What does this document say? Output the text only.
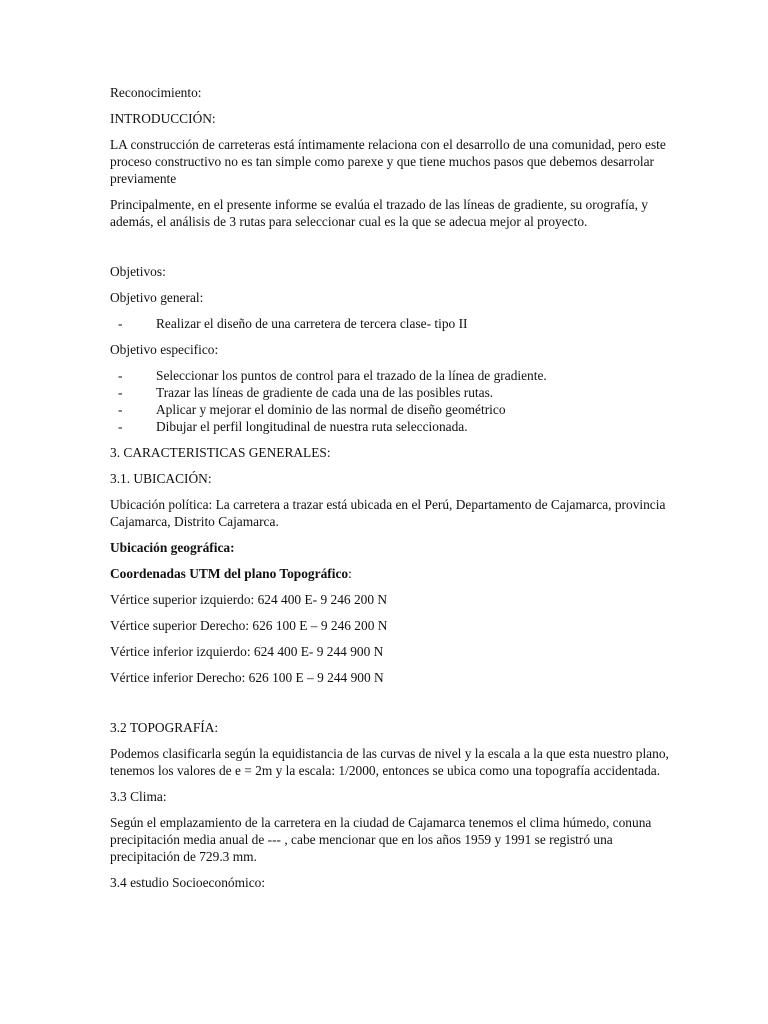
Reconocimiento:

INTRODUCCIÓN:

LA construcción de carreteras está íntimamente relaciona con el desarrollo de una comunidad, pero este proceso constructivo no es tan simple como parexe y que tiene muchos pasos que debemos desarrolar previamente

Principalmente, en el presente informe se evalúa el trazado de las líneas de gradiente, su orografía, y además, el análisis de 3 rutas para seleccionar cual es la que se adecua mejor al proyecto.

Objetivos:

Objetivo general:

- Realizar el diseño de una carretera de tercera clase- tipo II

Objetivo especifico:

- Seleccionar los puntos de control para el trazado de la línea de gradiente.
- Trazar las líneas de gradiente de cada una de las posibles rutas.
- Aplicar y mejorar el dominio de las normal de diseño geométrico
- Dibujar el perfil longitudinal de nuestra ruta seleccionada.

3. CARACTERISTICAS GENERALES:

3.1. UBICACIÓN:

Ubicación política: La carretera a trazar está ubicada en el Perú, Departamento de Cajamarca, provincia Cajamarca, Distrito Cajamarca.

Ubicación geográfica:

Coordenadas UTM del plano Topográfico:

Vértice superior izquierdo: 624 400 E- 9 246 200 N

Vértice superior Derecho: 626 100 E – 9 246 200 N

Vértice inferior izquierdo: 624 400 E- 9 244 900 N

Vértice inferior Derecho: 626 100 E – 9 244 900 N

3.2 TOPOGRAFÍA:

Podemos clasificarla según la equidistancia de las curvas de nivel y la escala a la que esta nuestro plano, tenemos los valores de e = 2m y la escala: 1/2000, entonces se ubica como una topografía accidentada.

3.3 Clima:

Según el emplazamiento de la carretera en la ciudad de Cajamarca tenemos el clima húmedo, conuna precipitación media anual de --- , cabe mencionar que en los años 1959 y 1991 se registró una precipitación de 729.3 mm.

3.4 estudio Socioeconómico:
